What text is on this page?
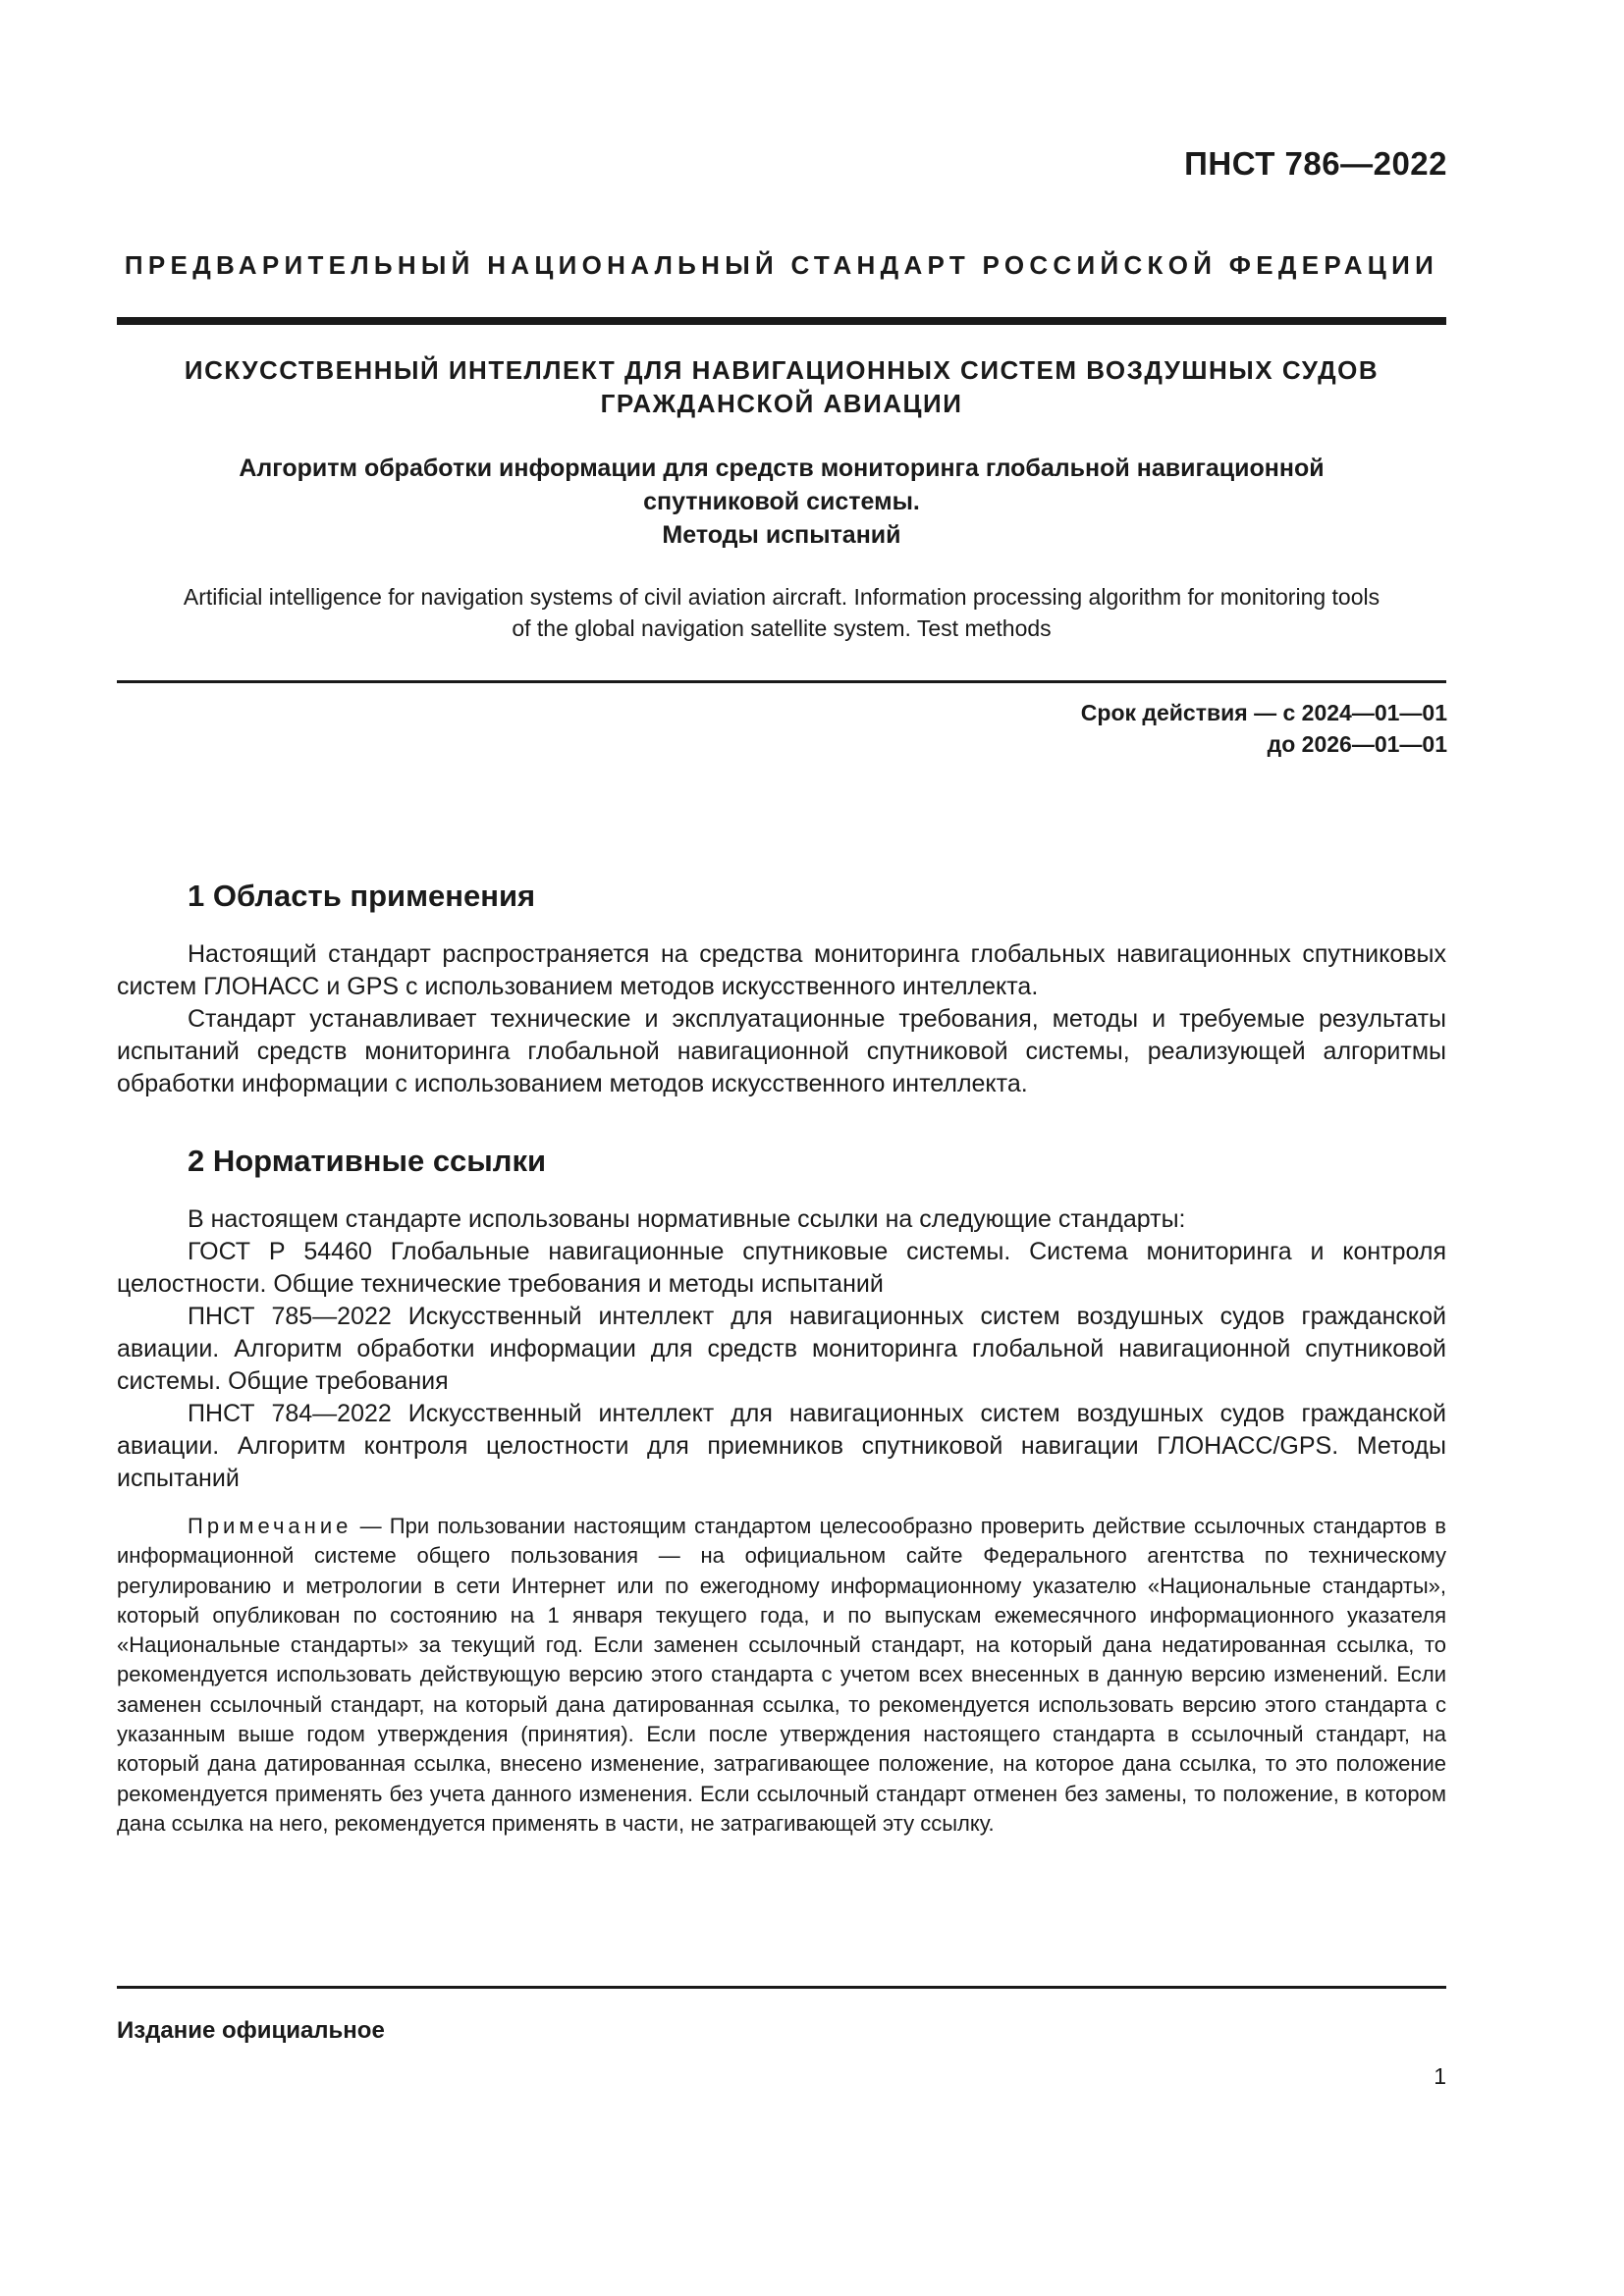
ПНСТ 786—2022
ПРЕДВАРИТЕЛЬНЫЙ НАЦИОНАЛЬНЫЙ СТАНДАРТ РОССИЙСКОЙ ФЕДЕРАЦИИ
ИСКУССТВЕННЫЙ ИНТЕЛЛЕКТ ДЛЯ НАВИГАЦИОННЫХ СИСТЕМ ВОЗДУШНЫХ СУДОВ
ГРАЖДАНСКОЙ АВИАЦИИ
Алгоритм обработки информации для средств мониторинга глобальной навигационной
спутниковой системы.
Методы испытаний
Artificial intelligence for navigation systems of civil aviation aircraft. Information processing algorithm for monitoring tools
of the global navigation satellite system. Test methods
Срок действия — с 2024—01—01
до 2026—01—01
1 Область применения

Настоящий стандарт распространяется на средства мониторинга глобальных навигационных спутниковых систем ГЛОНАСС и GPS с использованием методов искусственного интеллекта.

Стандарт устанавливает технические и эксплуатационные требования, методы и требуемые результаты испытаний средств мониторинга глобальной навигационной спутниковой системы, реализующей алгоритмы обработки информации с использованием методов искусственного интеллекта.

2 Нормативные ссылки

В настоящем стандарте использованы нормативные ссылки на следующие стандарты:

ГОСТ Р 54460 Глобальные навигационные спутниковые системы. Система мониторинга и контроля целостности. Общие технические требования и методы испытаний

ПНСТ 785—2022 Искусственный интеллект для навигационных систем воздушных судов гражданской авиации. Алгоритм обработки информации для средств мониторинга глобальной навигационной спутниковой системы. Общие требования

ПНСТ 784—2022 Искусственный интеллект для навигационных систем воздушных судов гражданской авиации. Алгоритм контроля целостности для приемников спутниковой навигации ГЛОНАСС/GPS. Методы испытаний

Примечание — При пользовании настоящим стандартом целесообразно проверить действие ссылочных стандартов в информационной системе общего пользования — на официальном сайте Федерального агентства по техническому регулированию и метрологии в сети Интернет или по ежегодному информационному указателю «Национальные стандарты», который опубликован по состоянию на 1 января текущего года, и по выпускам ежемесячного информационного указателя «Национальные стандарты» за текущий год. Если заменен ссылочный стандарт, на который дана недатированная ссылка, то рекомендуется использовать действующую версию этого стандарта с учетом всех внесенных в данную версию изменений. Если заменен ссылочный стандарт, на который дана датированная ссылка, то рекомендуется использовать версию этого стандарта с указанным выше годом утверждения (принятия). Если после утверждения настоящего стандарта в ссылочный стандарт, на который дана датированная ссылка, внесено изменение, затрагивающее положение, на которое дана ссылка, то это положение рекомендуется применять без учета данного изменения. Если ссылочный стандарт отменен без замены, то положение, в котором дана ссылка на него, рекомендуется применять в части, не затрагивающей эту ссылку.

Издание официальное
1
